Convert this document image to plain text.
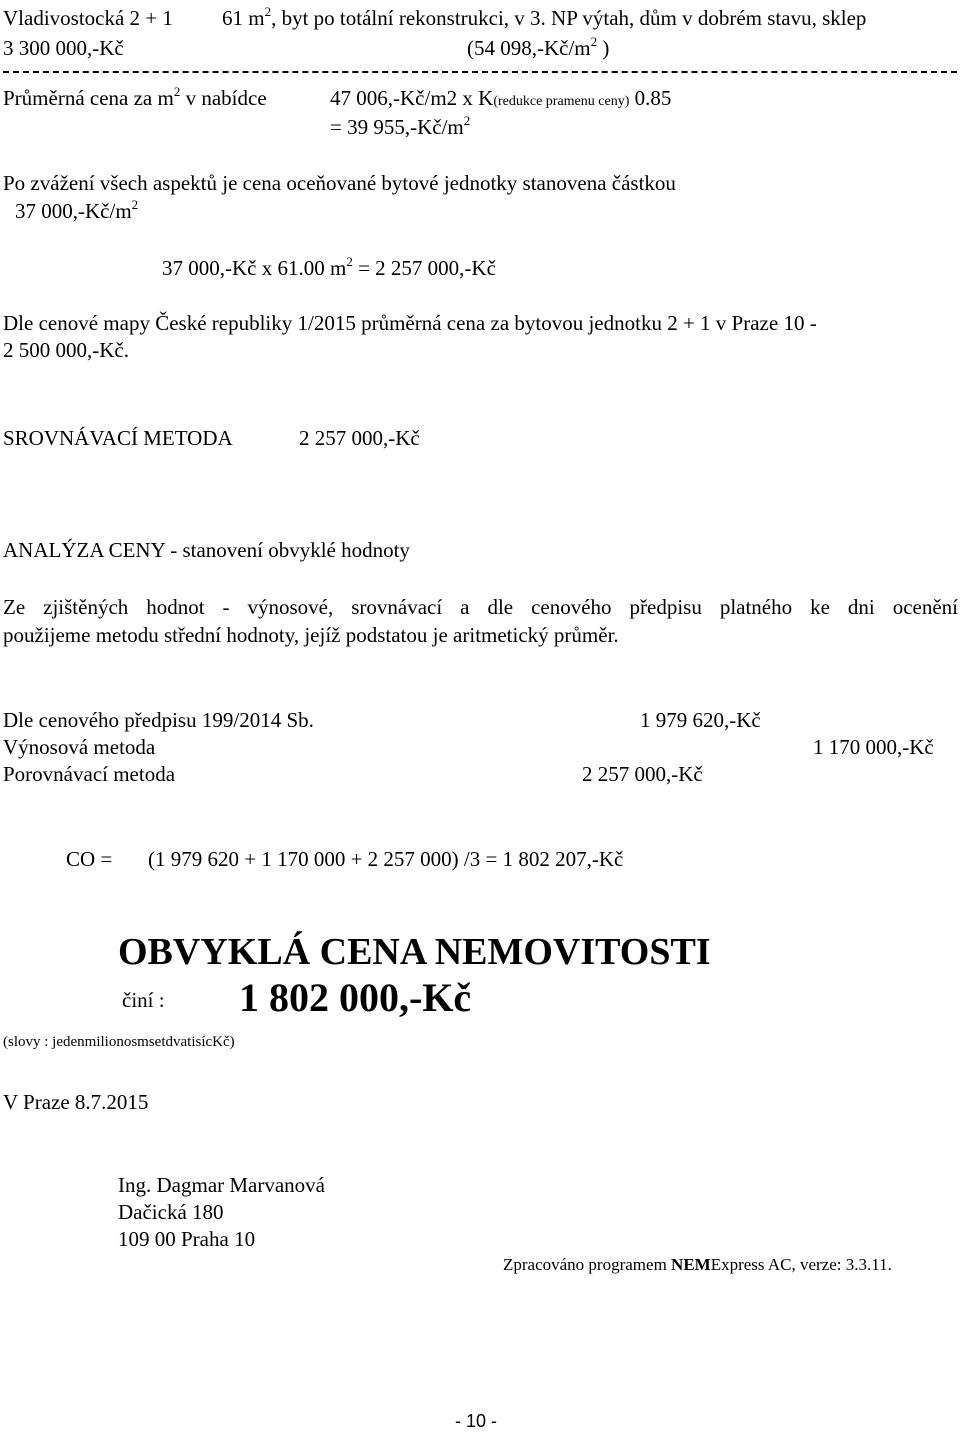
Vladivostocká 2 + 1 61 $m^2$, byt po totální rekonstrukci, v 3. NP výtah, dům v dobrém stavu, sklep
3 300 000,-Kč	(54 $098,-Kč/m^2$ )
Průměrná cena za $m^2$ v nabídce	47 006,-Kč/m2 x K(redukce pramenu ceny) 0.85
= 39 $955,-Kč/m^2$
Po zvážení všech aspektů je cena oceňované bytové jednotky stanovena částkou
37 $000,-Kč/m^2$
37 000,-Kč x 61.00 $m^2 = 2$ 257 000,-Kč
Dle cenové mapy České republiky 1/2015 průměrná cena za bytovou jednotku 2 + 1 v Praze 10 -
2 500 000,-Kč.
SROVNÁVACÍ METODA	2 257 000,-Kč
ANALÝZA CENY - stanovení obvyklé hodnoty
Ze zjištěných hodnot - výnosové, srovnávací a dle cenového předpisu platného ke dni ocenění
použijeme metodu střední hodnoty, jejíž podstatou je aritmetický průměr.
Dle cenového předpisu 199/2014 Sb.	1 979 620,-Kč
Výnosová metoda	1 170 000,-Kč
Porovnávací metoda	2 257 000,-Kč
CO = (1 979 620 + 1 170 000 + 2 257 000) /3 = 1 802 207,-Kč
OBVYKLÁ CENA NEMOVITOSTI
činí : 1 802 000,-Kč
(slovy : jedenmilionosmsetdvatisícKč)
V Praze 8.7.2015
Ing. Dagmar Marvanová
Dačická 180
109 00 Praha 10
Zpracováno programem NEMExpress AC, verze: 3.3.11.
- 10 -
